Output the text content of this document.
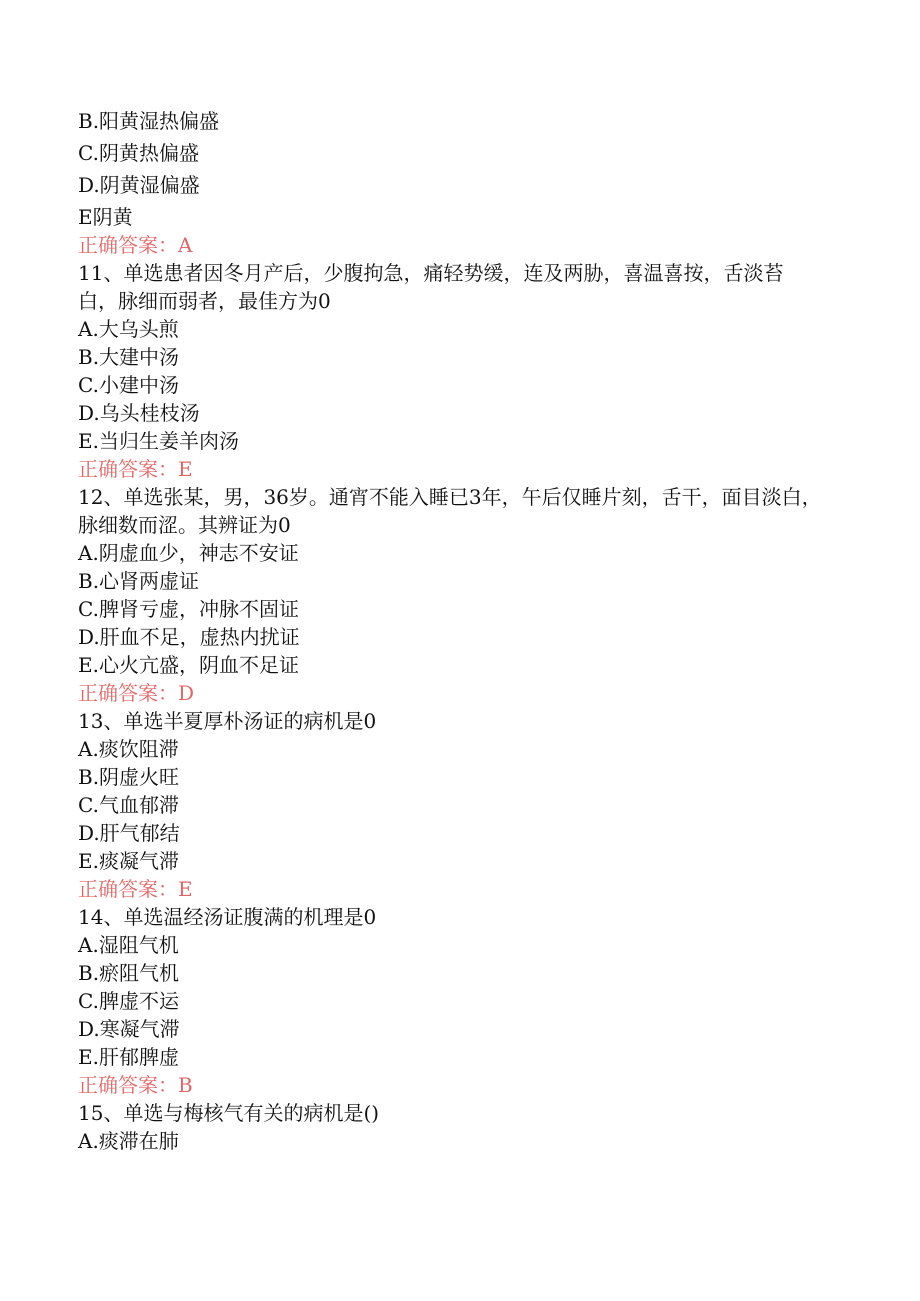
B.阳黄湿热偏盛
C.阴黄热偏盛
D.阴黄湿偏盛
E阴黄
正确答案：A
11、单选患者因冬月产后，少腹拘急，痛轻势缓，连及两胁，喜温喜按，舌淡苔白，脉细而弱者，最佳方为0
A.大乌头煎
B.大建中汤
C.小建中汤
D.乌头桂枝汤
E.当归生姜羊肉汤
正确答案：E
12、单选张某，男，36岁。通宵不能入睡已3年，午后仅睡片刻，舌干，面目淡白，脉细数而涩。其辨证为0
A.阴虚血少，神志不安证
B.心肾两虚证
C.脾肾亏虚，冲脉不固证
D.肝血不足，虚热内扰证
E.心火亢盛，阴血不足证
正确答案：D
13、单选半夏厚朴汤证的病机是0
A.痰饮阻滞
B.阴虚火旺
C.气血郁滞
D.肝气郁结
E.痰凝气滞
正确答案：E
14、单选温经汤证腹满的机理是0
A.湿阻气机
B.瘀阻气机
C.脾虚不运
D.寒凝气滞
E.肝郁脾虚
正确答案：B
15、单选与梅核气有关的病机是()
A.痰滞在肺
